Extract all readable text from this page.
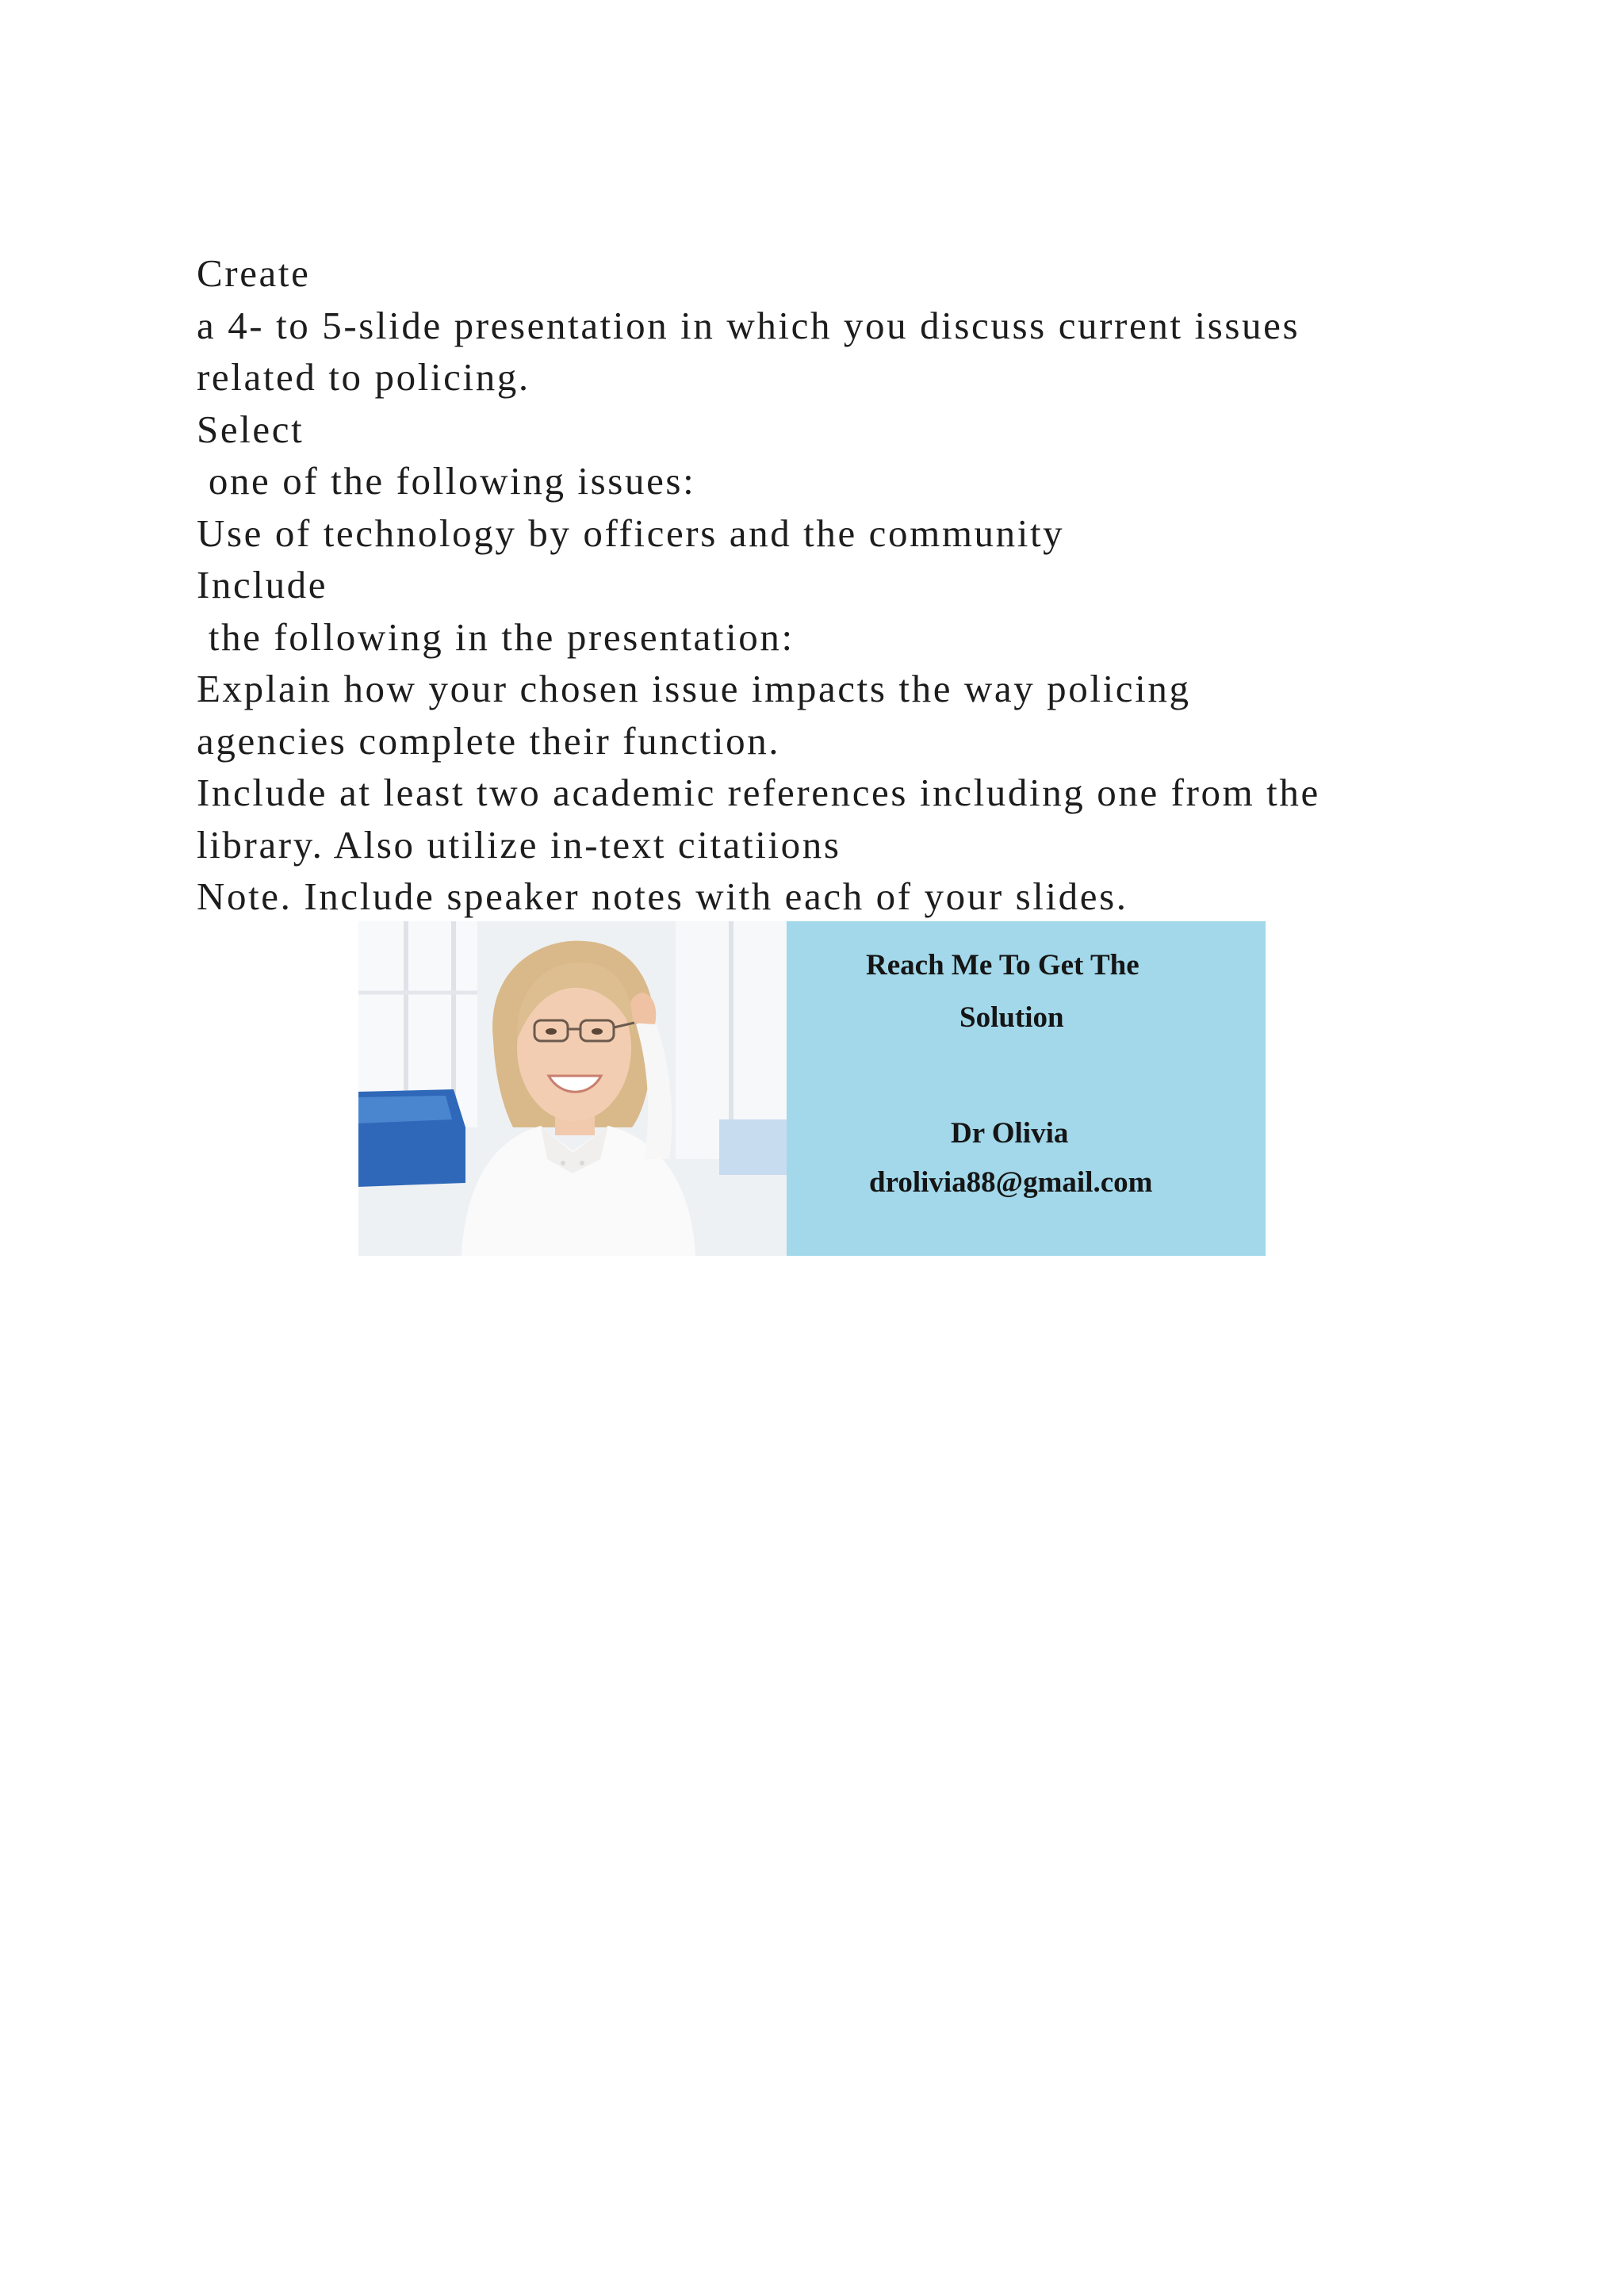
Create
a 4- to 5-slide presentation in which you discuss current issues
related to policing.
Select
one of the following issues:
Use of technology by officers and the community
Include
the following in the presentation:
Explain how your chosen issue impacts the way policing
agencies complete their function.
Include at least two academic references including one from the
library. Also utilize in-text citatiions
Note. Include speaker notes with each of your slides.
Reach Me To Get The
Solution
Dr Olivia
drolivia88@gmail.com
